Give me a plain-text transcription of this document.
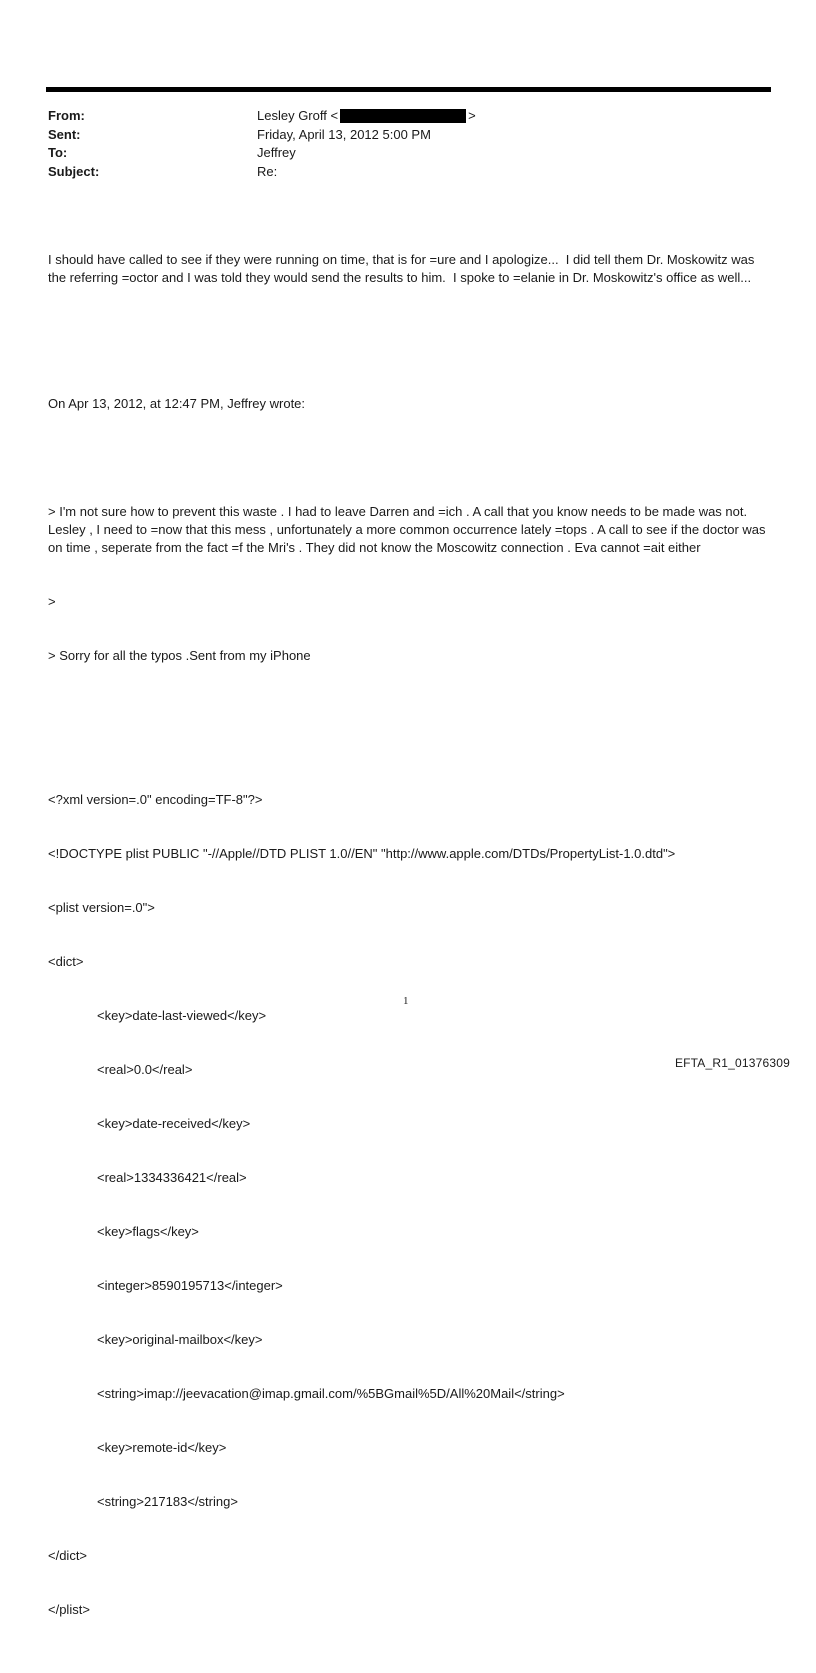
From:	Lesley Groff <	>
Sent:	Friday, April 13, 2012 5:00 PM
To:	Jeffrey
Subject:	Re:

I should have called to see if they were running on time, that is for =ure and I apologize...  I did tell them Dr. Moskowitz was the referring =octor and I was told they would send the results to him.  I spoke to =elanie in Dr. Moskowitz's office as well...

On Apr 13, 2012, at 12:47 PM, Jeffrey wrote:

> I'm not sure how to prevent this waste . I had to leave Darren and =ich . A call that you know needs to be made was not. Lesley , I need to =now that this mess , unfortunately a more common occurrence lately =tops . A call to see if the doctor was on time , seperate from the fact =f the Mri's . They did not know the Moscowitz connection . Eva cannot =ait either

>

> Sorry for all the typos .Sent from my iPhone

<?xml version=.0" encoding=TF-8"?>

<!DOCTYPE plist PUBLIC "-//Apple//DTD PLIST 1.0//EN" "http://www.apple.com/DTDs/PropertyList-1.0.dtd">

<plist version=.0">

<dict>

<key>date-last-viewed</key>

<real>0.0</real>

<key>date-received</key>

<real>1334336421</real>

<key>flags</key>

<integer>8590195713</integer>

<key>original-mailbox</key>

<string>imap://jeevacation@imap.gmail.com/%5BGmail%5D/All%20Mail</string>

<key>remote-id</key>

<string>217183</string>

</dict>

</plist>

1
EFTA_R1_01376309
